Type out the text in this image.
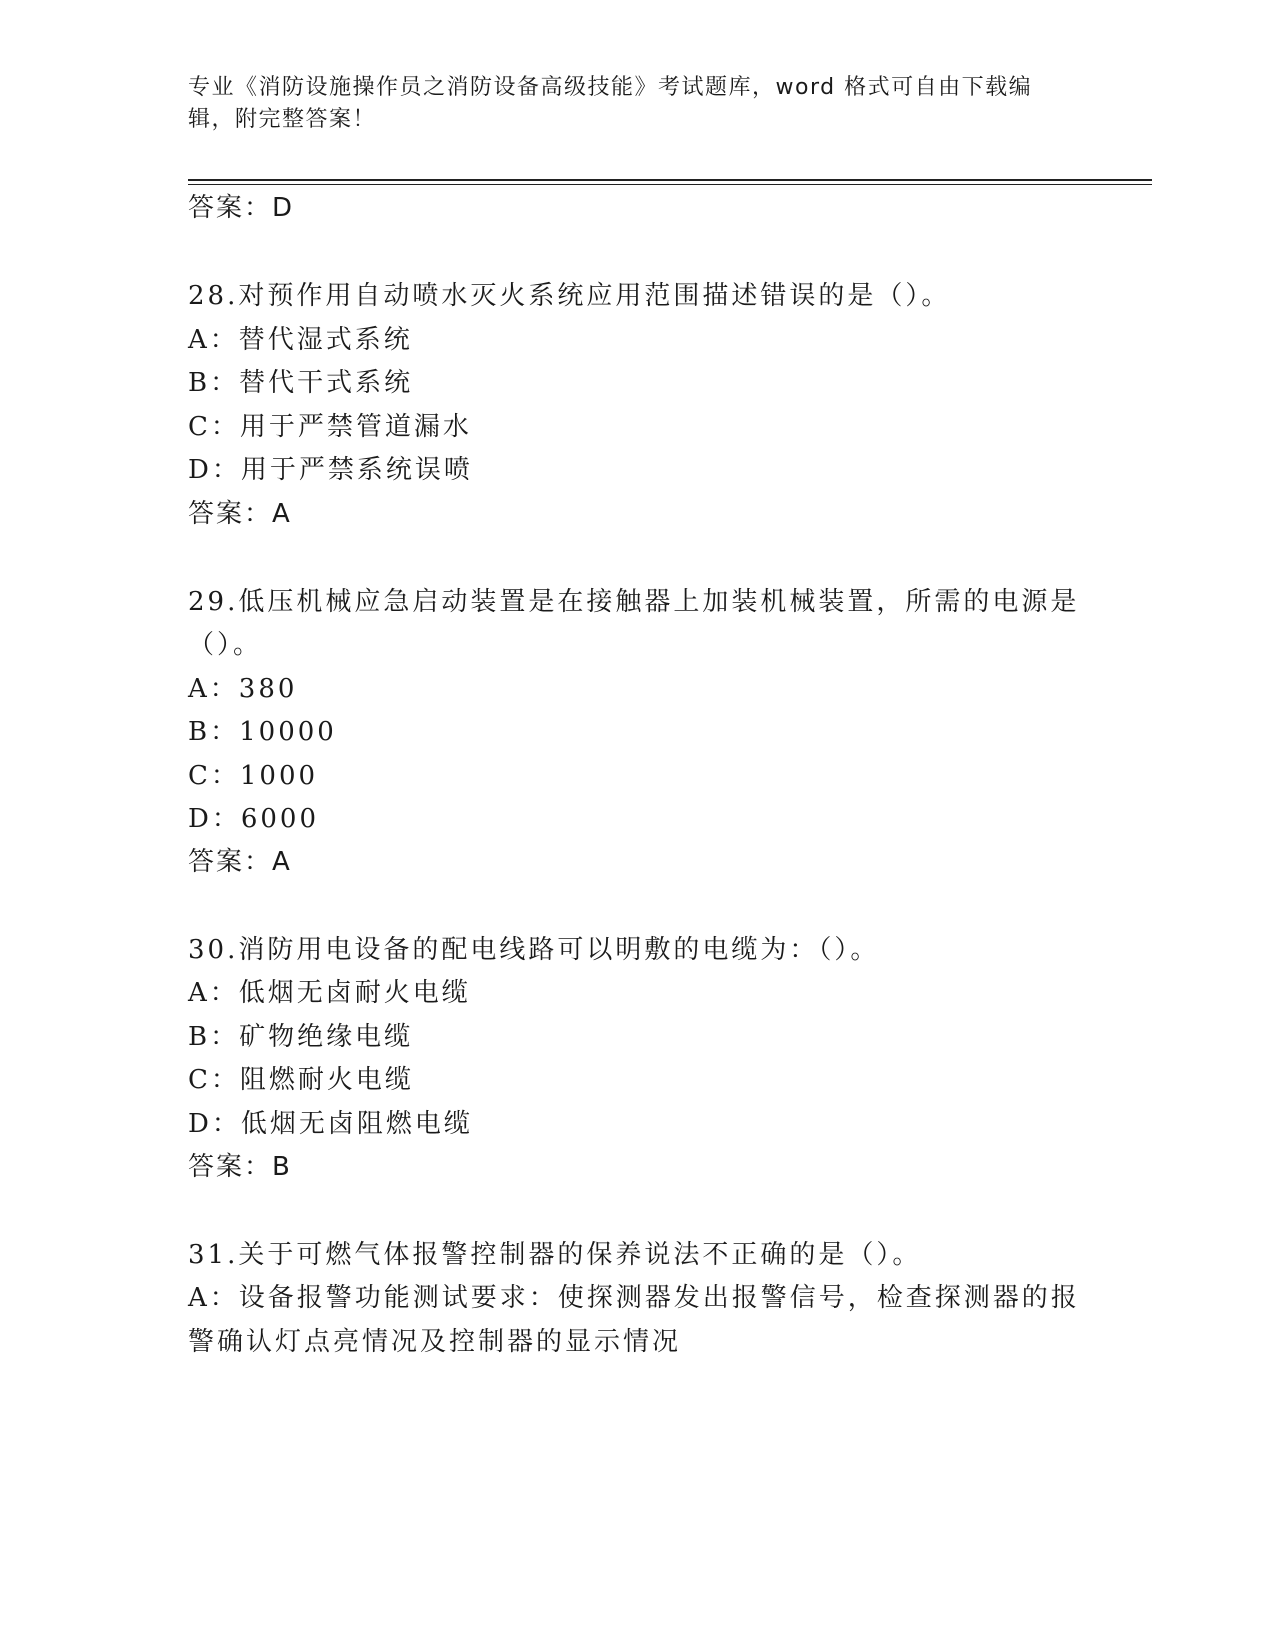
专业《消防设施操作员之消防设备高级技能》考试题库，word 格式可自由下载编
辑，附完整答案！
答案：D
28.对预作用自动喷水灭火系统应用范围描述错误的是（）。
A：替代湿式系统
B：替代干式系统
C：用于严禁管道漏水
D：用于严禁系统误喷
答案：A
29.低压机械应急启动装置是在接触器上加装机械装置，所需的电源是
（）。
A：380
B：10000
C：1000
D：6000
答案：A
30.消防用电设备的配电线路可以明敷的电缆为：（）。
A：低烟无卤耐火电缆
B：矿物绝缘电缆
C：阻燃耐火电缆
D：低烟无卤阻燃电缆
答案：B
31.关于可燃气体报警控制器的保养说法不正确的是（）。
A：设备报警功能测试要求：使探测器发出报警信号，检查探测器的报
警确认灯点亮情况及控制器的显示情况
